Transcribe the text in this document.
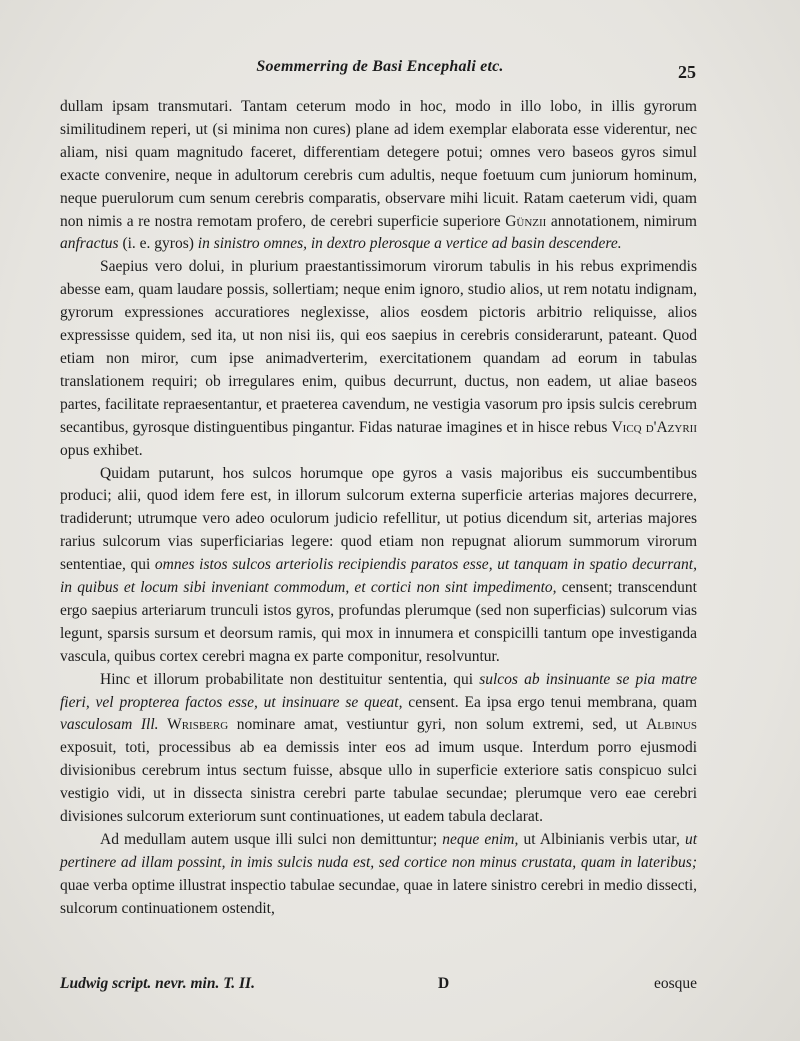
Soemmerring de Basi Encephali etc.	25

dullam ipsam transmutari. Tantam ceterum modo in hoc, modo in illo lobo, in illis gyrorum similitudinem reperi, ut (si minima non cures) plane ad idem exemplar elaborata esse viderentur, nec aliam, nisi quam magnitudo faceret, differentiam detegere potui; omnes vero baseos gyros simul exacte convenire, neque in adultorum cerebris cum adultis, neque foetuum cum juniorum hominum, neque puerulorum cum senum cerebris comparatis, observare mihi licuit. Ratam caeterum vidi, quam non nimis a re nostra remotam profero, de cerebri superficie superiore Günzii annotationem, nimirum anfractus (i. e. gyros) in sinistro omnes, in dextro plerosque a vertice ad basin descendere.

Saepius vero dolui, in plurium praestantissimorum virorum tabulis in his rebus exprimendis abesse eam, quam laudare possis, sollertiam; neque enim ignoro, studio alios, ut rem notatu indignam, gyrorum expressiones accuratiores neglexisse, alios eosdem pictoris arbitrio reliquisse, alios expressisse quidem, sed ita, ut non nisi iis, qui eos saepius in cerebris considerarunt, pateant. Quod etiam non miror, cum ipse animadverterim, exercitationem quandam ad eorum in tabulas translationem requiri; ob irregulares enim, quibus decurrunt, ductus, non eadem, ut aliae baseos partes, facilitate repraesentantur, et praeterea cavendum, ne vestigia vasorum pro ipsis sulcis cerebrum secantibus, gyrosque distinguentibus pingantur. Fidas naturae imagines et in hisce rebus Vicq d'Azyrii opus exhibet.

Quidam putarunt, hos sulcos horumque ope gyros a vasis majoribus eis succumbentibus produci; alii, quod idem fere est, in illorum sulcorum externa superficie arterias majores decurrere, tradiderunt; utrumque vero adeo oculorum judicio refellitur, ut potius dicendum sit, arterias majores rarius sulcorum vias superficiarias legere: quod etiam non repugnat aliorum summorum virorum sententiae, qui omnes istos sulcos arteriolis recipiendis paratos esse, ut tanquam in spatio decurrant, in quibus et locum sibi inveniant commodum, et cortici non sint impedimento, censent; transcendunt ergo saepius arteriarum trunculi istos gyros, profundas plerumque (sed non superficias) sulcorum vias legunt, sparsis sursum et deorsum ramis, qui mox in innumera et conspicilli tantum ope investiganda vascula, quibus cortex cerebri magna ex parte componitur, resolvuntur.

Hinc et illorum probabilitate non destituitur sententia, qui sulcos ab insinuante se pia matre fieri, vel propterea factos esse, ut insinuare se queat, censent. Ea ipsa ergo tenui membrana, quam vasculosam Ill. Wrisberg nominare amat, vestiuntur gyri, non solum extremi, sed, ut Albinus exposuit, toti, processibus ab ea demissis inter eos ad imum usque. Interdum porro ejusmodi divisionibus cerebrum intus sectum fuisse, absque ullo in superficie exteriore satis conspicuo sulci vestigio vidi, ut in dissecta sinistra cerebri parte tabulae secundae; plerumque vero eae cerebri divisiones sulcorum exteriorum sunt continuationes, ut eadem tabula declarat.

Ad medullam autem usque illi sulci non demittuntur; neque enim, ut Albinianis verbis utar, ut pertinere ad illam possint, in imis sulcis nuda est, sed cortice non minus crustata, quam in lateribus; quae verba optime illustrat inspectio tabulae secundae, quae in latere sinistro cerebri in medio dissecti, sulcorum continuationem ostendit,

Ludwig script. nevr. min. T. II.	D	eosque
